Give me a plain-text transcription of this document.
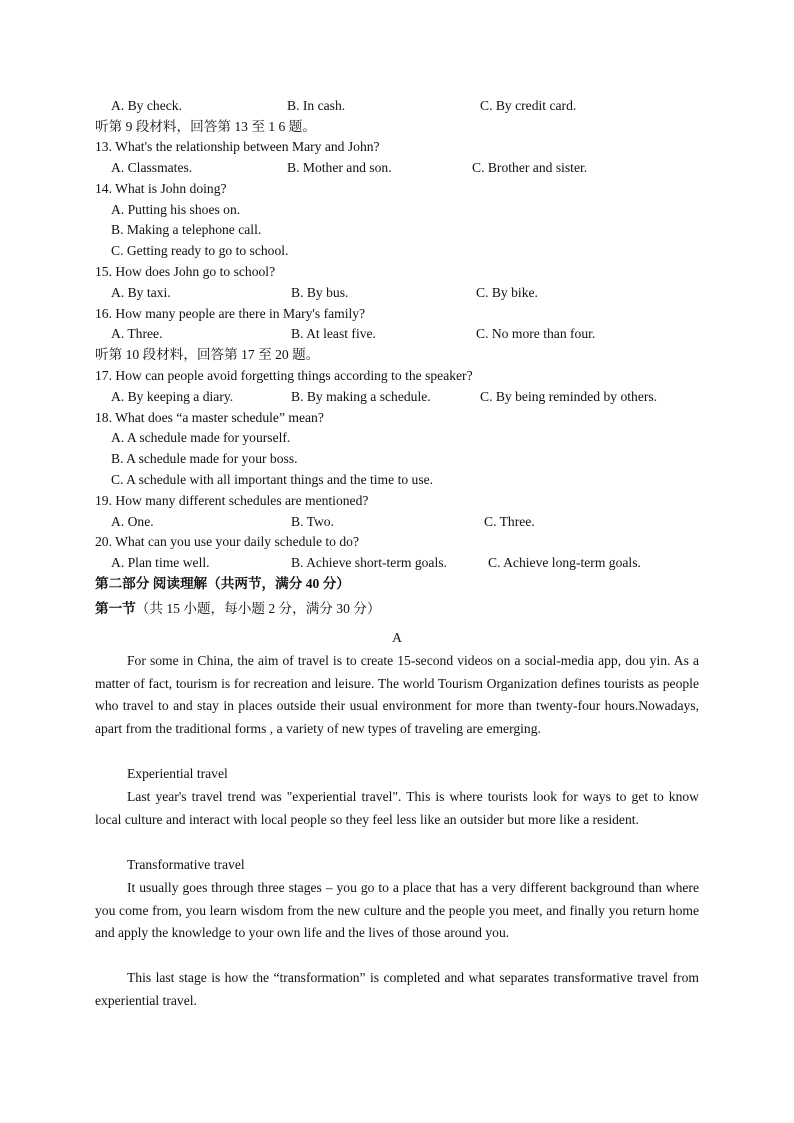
A. By check.	B. In cash.	C. By credit card.
听第 9 段材料，回答第 13 至 1 6 题。
13. What's the relationship between Mary and John?
A. Classmates.	B. Mother and son.	C. Brother and sister.
14. What is John doing?
A. Putting his shoes on.
B. Making a telephone call.
C. Getting ready to go to school.
15. How does John go to school?
A. By taxi.	B. By bus.	C. By bike.
16. How many people are there in Mary's family?
A. Three.	B. At least five.	C. No more than four.
听第 10 段材料，回答第 17 至 20 题。
17. How can people avoid forgetting things according to the speaker?
A. By keeping a diary.	B. By making a schedule.	C. By being reminded by others.
18. What does “a master schedule” mean?
A. A schedule made for yourself.
B. A schedule made for your boss.
C. A schedule with all important things and the time to use.
19. How many different schedules are mentioned?
A. One.	B. Two.	C. Three.
20. What can you use your daily schedule to do?
A. Plan time well.	B. Achieve short-term goals.	C. Achieve long-term goals.
第二部分 阅读理解（共两节，满分 40 分）
第一节（共 15 小题，每小题 2 分，满分 30 分）
A
For some in China, the aim of travel is to create 15-second videos on a social-media app, dou yin. As a matter of fact, tourism is for recreation and leisure. The world Tourism Organization defines tourists as people who travel to and stay in places outside their usual environment for more than twenty-four hours.Nowadays, apart from the traditional forms , a variety of new types of traveling are emerging.
Experiential travel
Last year's travel trend was "experiential travel". This is where tourists look for ways to get to know local culture and interact with local people so they feel less like an outsider but more like a resident.
Transformative travel
It usually goes through three stages – you go to a place that has a very different background than where you come from, you learn wisdom from the new culture and the people you meet, and finally you return home and apply the knowledge to your own life and the lives of those around you.
This last stage is how the “transformation” is completed and what separates transformative travel from experiential travel.
